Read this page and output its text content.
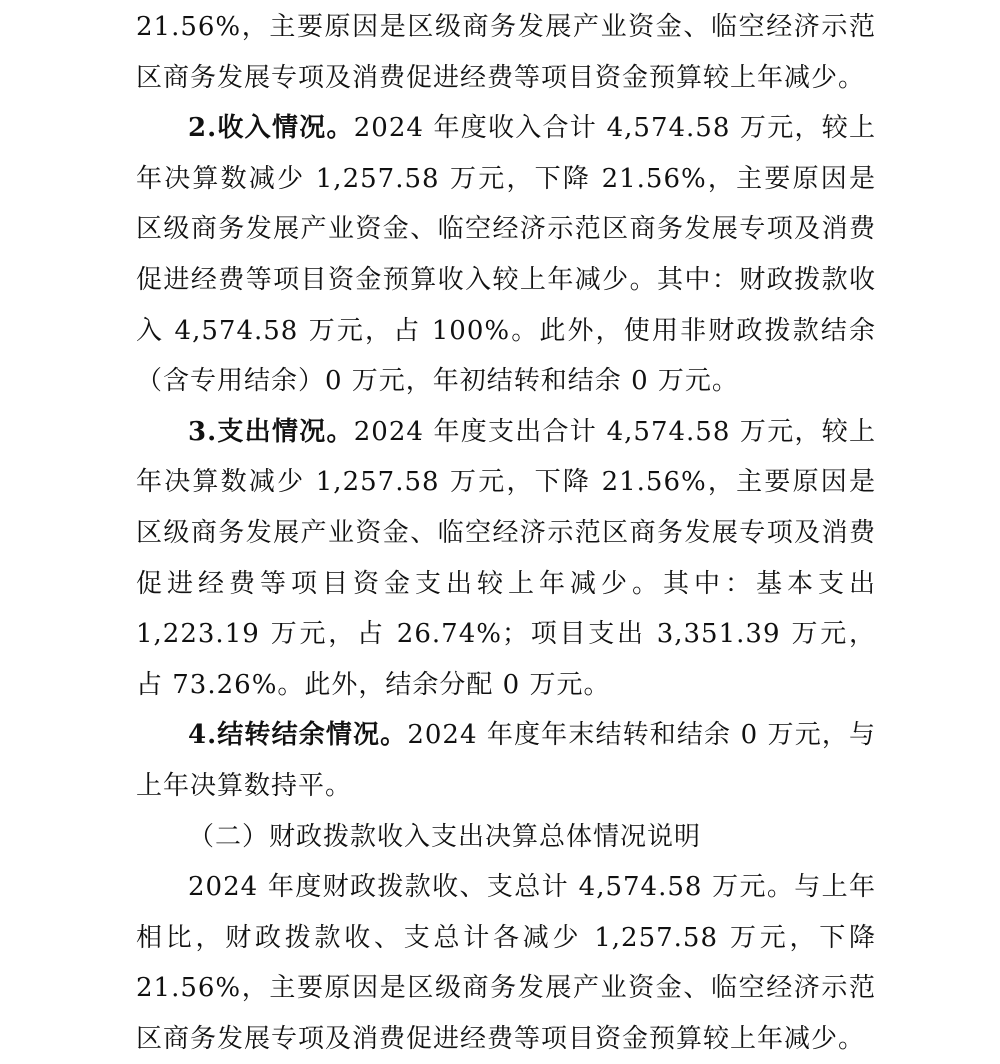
21.56%，主要原因是区级商务发展产业资金、临空经济示范区商务发展专项及消费促进经费等项目资金预算较上年减少。

2.收入情况。2024 年度收入合计 4,574.58 万元，较上年决算数减少 1,257.58 万元，下降 21.56%，主要原因是区级商务发展产业资金、临空经济示范区商务发展专项及消费促进经费等项目资金预算收入较上年减少。其中：财政拨款收入 4,574.58 万元，占 100%。此外，使用非财政拨款结余（含专用结余）0 万元，年初结转和结余 0 万元。

3.支出情况。2024 年度支出合计 4,574.58 万元，较上年决算数减少 1,257.58 万元，下降 21.56%，主要原因是区级商务发展产业资金、临空经济示范区商务发展专项及消费促进经费等项目资金支出较上年减少。其中：基本支出 1,223.19 万元，占 26.74%；项目支出 3,351.39 万元，占 73.26%。此外，结余分配 0 万元。

4.结转结余情况。2024 年度年末结转和结余 0 万元，与上年决算数持平。

（二）财政拨款收入支出决算总体情况说明

2024 年度财政拨款收、支总计 4,574.58 万元。与上年相比，财政拨款收、支总计各减少 1,257.58 万元，下降 21.56%，主要原因是区级商务发展产业资金、临空经济示范区商务发展专项及消费促进经费等项目资金预算较上年减少。
